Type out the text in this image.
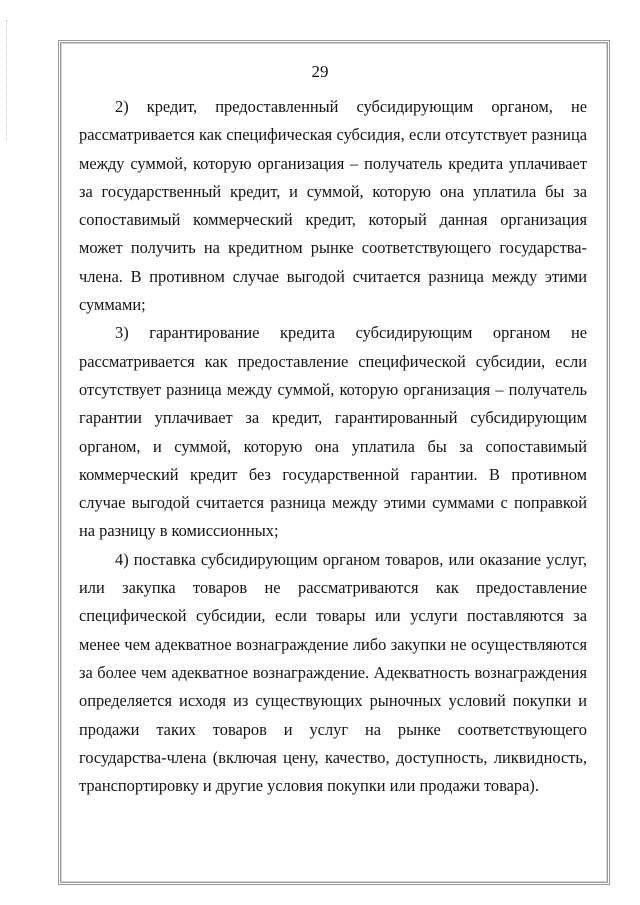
29

2) кредит, предоставленный субсидирующим органом, не рассматривается как специфическая субсидия, если отсутствует разница между суммой, которую организация – получатель кредита уплачивает за государственный кредит, и суммой, которую она уплатила бы за сопоставимый коммерческий кредит, который данная организация может получить на кредитном рынке соответствующего государства-члена. В противном случае выгодой считается разница между этими суммами;

3) гарантирование кредита субсидирующим органом не рассматривается как предоставление специфической субсидии, если отсутствует разница между суммой, которую организация – получатель гарантии уплачивает за кредит, гарантированный субсидирующим органом, и суммой, которую она уплатила бы за сопоставимый коммерческий кредит без государственной гарантии. В противном случае выгодой считается разница между этими суммами с поправкой на разницу в комиссионных;

4) поставка субсидирующим органом товаров, или оказание услуг, или закупка товаров не рассматриваются как предоставление специфической субсидии, если товары или услуги поставляются за менее чем адекватное вознаграждение либо закупки не осуществляются за более чем адекватное вознаграждение. Адекватность вознаграждения определяется исходя из существующих рыночных условий покупки и продажи таких товаров и услуг на рынке соответствующего государства-члена (включая цену, качество, доступность, ликвидность, транспортировку и другие условия покупки или продажи товара).
